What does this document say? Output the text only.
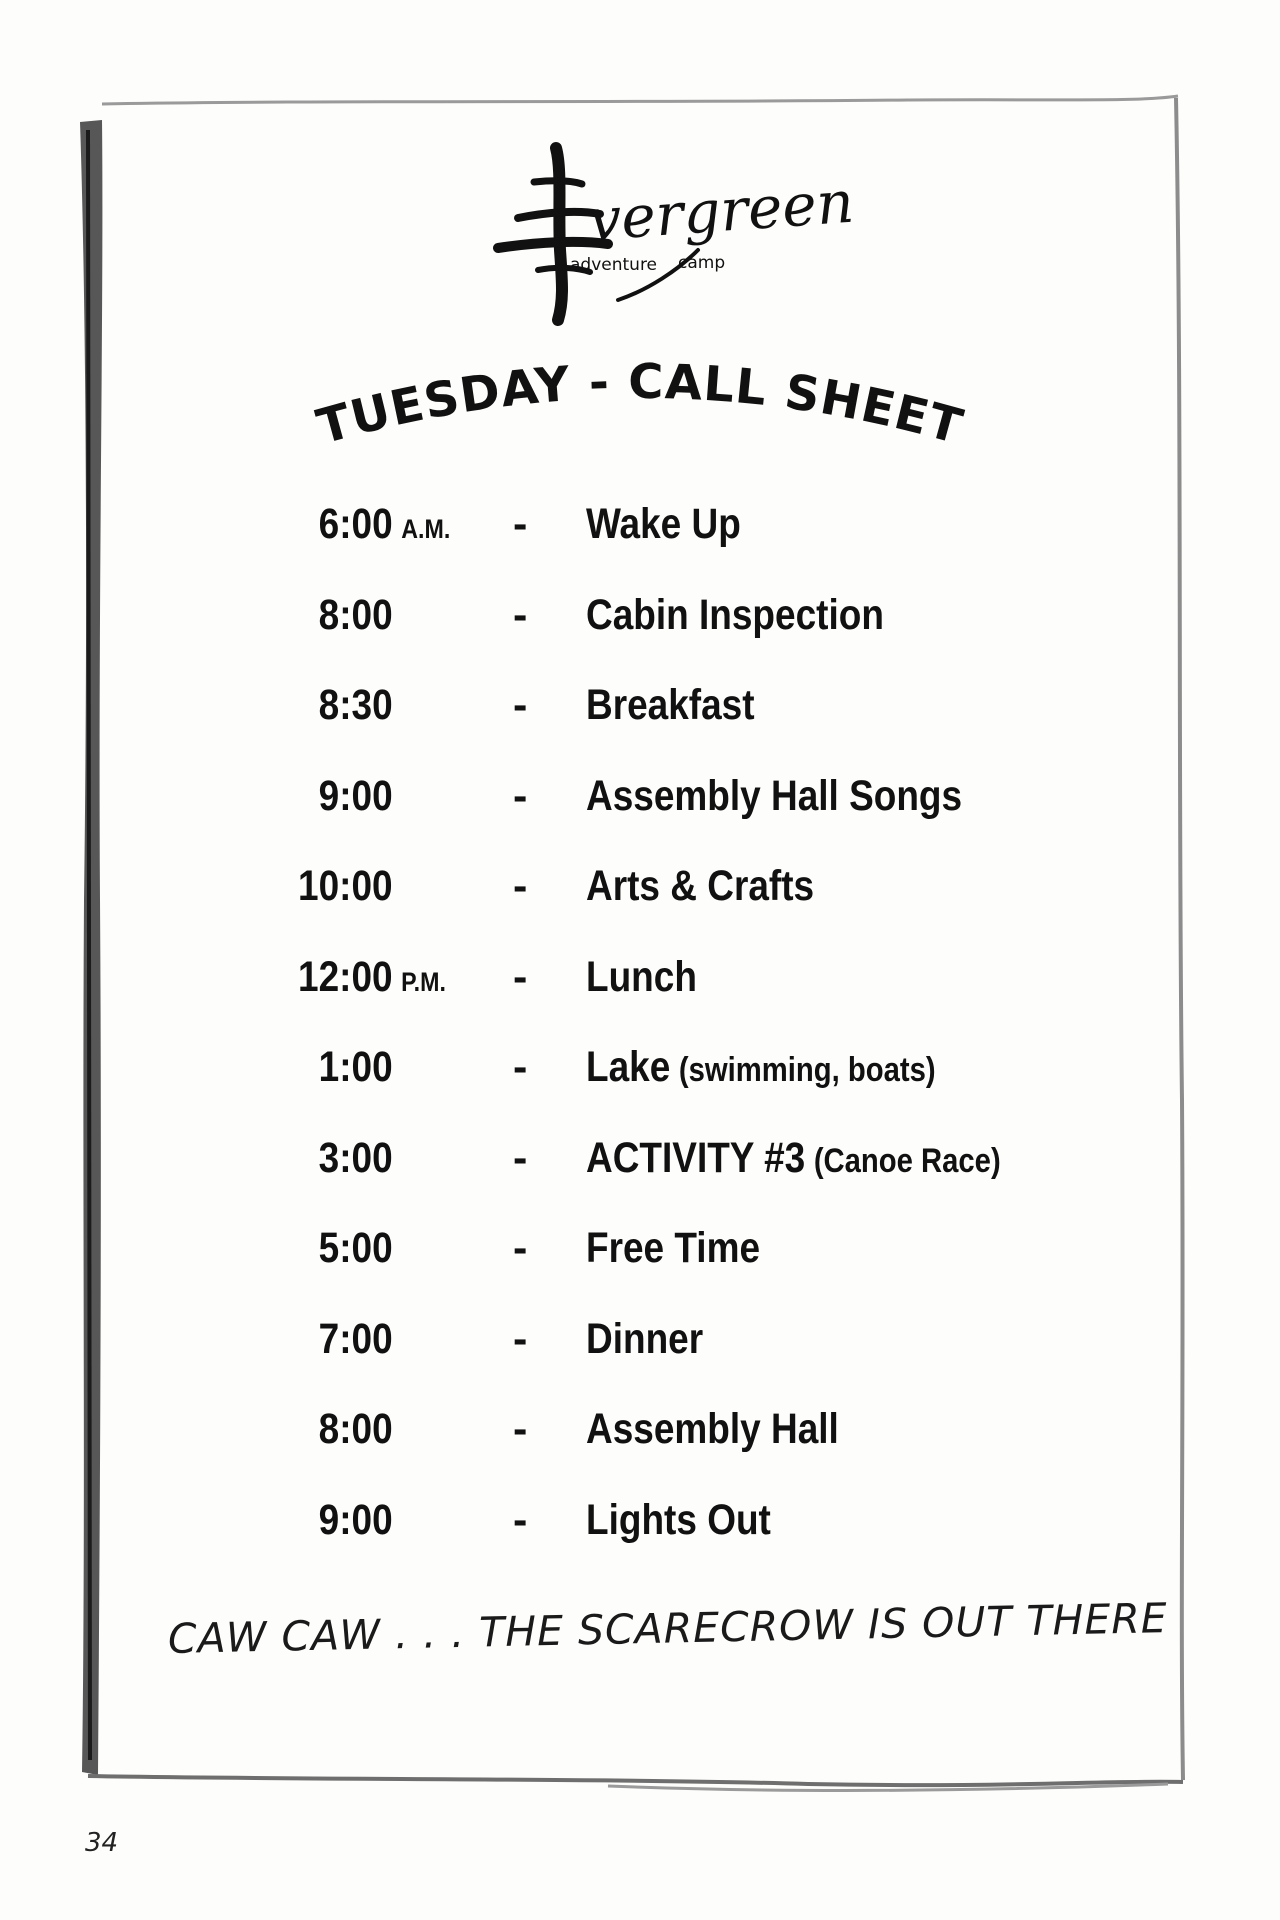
vergreen
adventure camp
TUESDAY - CALL SHEET
6:00 A.M.	- Wake Up
8:00	- Cabin Inspection
8:30	- Breakfast
9:00	- Assembly Hall Songs
10:00	- Arts & Crafts
12:00 P.M.	- Lunch
1:00	- Lake (swimming, boats)
3:00	- ACTIVITY #3 (Canoe Race)
5:00	- Free Time
7:00	- Dinner
8:00	- Assembly Hall
9:00	- Lights Out
CAW CAW . . . THE SCARECROW IS OUT THERE
34
